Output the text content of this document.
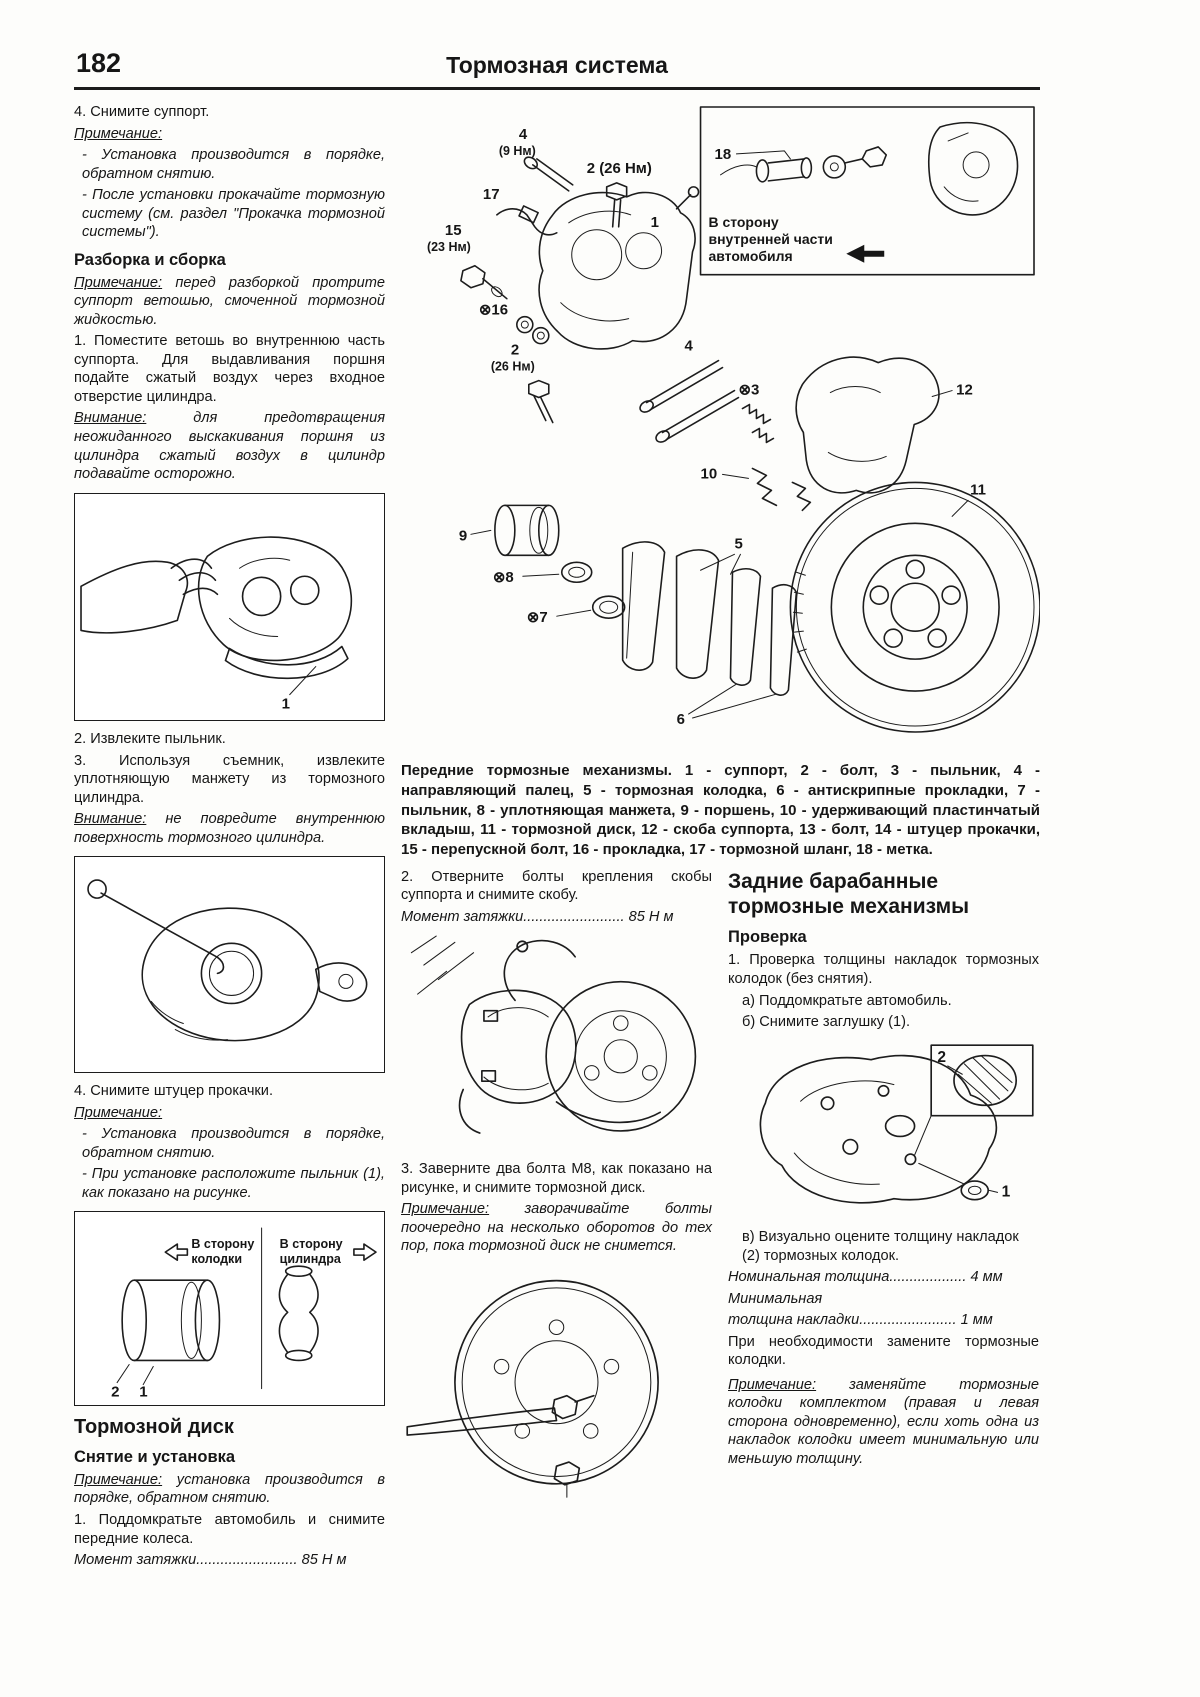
182	Тормозная система

4. Снимите суппорт.

Примечание:

- Установка производится в порядке, обратном снятию.

- После установки прокачайте тормозную систему (см. раздел "Прокачка тормозной системы").

Разборка и сборка

Примечание: перед разборкой протрите суппорт ветошью, смоченной тормозной жидкостью.

1. Поместите ветошь во внутреннюю часть суппорта. Для выдавливания поршня подайте сжатый воздух через входное отверстие цилиндра.

Внимание:	для предотвращения неожиданного выскакивания поршня из цилиндра сжатый воздух в цилиндр подавайте осторожно.

1

2. Извлеките пыльник.

3. Используя съемник, извлеките уплотняющую манжету из тормозного цилиндра.

Внимание: не повредите внутреннюю поверхность тормозного цилиндра.

4. Снимите штуцер прокачки.

Примечание:

- Установка производится в порядке, обратном снятию.

- При установке расположите пыльник (1), как показано на рисунке.

В сторону
колодки
В сторону
цилиндра
2 1
Тормозной диск
Снятие и установка

Примечание: установка производится в порядке, обратном снятию.

1. Поддомкратьте автомобиль и снимите передние колеса.

Момент затяжки......................... 85 Н м

18
В сторону
внутренней части
автомобиля
1
4
(9 Нм)
17
2 (26 Нм)
15
(23 Нм)
⊗16
2
(26 Нм)
4
⊗3	12
10
9
⊗8
⊗7
5
6
11

Передние тормозные механизмы. 1 - суппорт, 2 - болт, 3 - пыльник, 4 - направляющий палец, 5 - тормозная колодка, 6 - антискрипные прокладки, 7 - пыльник, 8 - уплотняющая манжета, 9 - поршень, 10 - удерживающий пластинчатый вкладыш, 11 - тормозной диск, 12 - скоба суппорта, 13 - болт, 14 - штуцер прокачки, 15 - перепускной болт, 16 - прокладка, 17 - тормозной шланг, 18 - метка.

2. Отверните болты крепления скобы суппорта и снимите скобу.

Момент затяжки......................... 85 Н м

3. Заверните два болта М8, как показано на рисунке, и снимите тормозной диск.

Примечание: заворачивайте болты поочередно на несколько оборотов до тех пор, пока тормозной диск не снимется.

Задние барабанные тормозные механизмы
Проверка

1. Проверка толщины накладок тормозных колодок (без снятия).

а) Поддомкратьте автомобиль.

б) Снимите заглушку (1).

2
1

в) Визуально оцените толщину накладок (2) тормозных колодок.

Номинальная толщина................... 4 мм

Минимальная

толщина накладки........................ 1 мм

При необходимости замените тормозные колодки.

Примечание: заменяйте тормозные колодки комплектом (правая и левая сторона одновременно), если хоть одна из накладок колодки имеет минимальную или меньшую толщину.
